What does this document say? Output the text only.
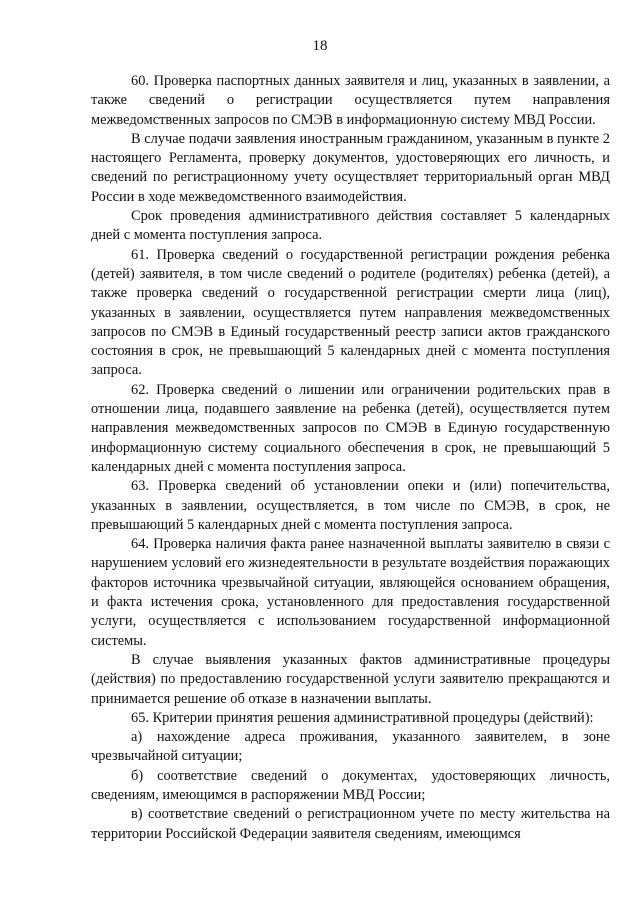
18

60. Проверка паспортных данных заявителя и лиц, указанных в заявлении, а также сведений о регистрации осуществляется путем направления межведомственных запросов по СМЭВ в информационную систему МВД России.

В случае подачи заявления иностранным гражданином, указанным в пункте 2 настоящего Регламента, проверку документов, удостоверяющих его личность, и сведений по регистрационному учету осуществляет территориальный орган МВД России в ходе межведомственного взаимодействия.

Срок проведения административного действия составляет 5 календарных дней с момента поступления запроса.

61. Проверка сведений о государственной регистрации рождения ребенка (детей) заявителя, в том числе сведений о родителе (родителях) ребенка (детей), а также проверка сведений о государственной регистрации смерти лица (лиц), указанных в заявлении, осуществляется путем направления межведомственных запросов по СМЭВ в Единый государственный реестр записи актов гражданского состояния в срок, не превышающий 5 календарных дней с момента поступления запроса.

62. Проверка сведений о лишении или ограничении родительских прав в отношении лица, подавшего заявление на ребенка (детей), осуществляется путем направления межведомственных запросов по СМЭВ в Единую государственную информационную систему социального обеспечения в срок, не превышающий 5 календарных дней с момента поступления запроса.

63. Проверка сведений об установлении опеки и (или) попечительства, указанных в заявлении, осуществляется, в том числе по СМЭВ, в срок, не превышающий 5 календарных дней с момента поступления запроса.

64. Проверка наличия факта ранее назначенной выплаты заявителю в связи с нарушением условий его жизнедеятельности в результате воздействия поражающих факторов источника чрезвычайной ситуации, являющейся основанием обращения, и факта истечения срока, установленного для предоставления государственной услуги, осуществляется с использованием государственной информационной системы.

В случае выявления указанных фактов административные процедуры (действия) по предоставлению государственной услуги заявителю прекращаются и принимается решение об отказе в назначении выплаты.

65. Критерии принятия решения административной процедуры (действий):

а) нахождение адреса проживания, указанного заявителем, в зоне чрезвычайной ситуации;

б) соответствие сведений о документах, удостоверяющих личность, сведениям, имеющимся в распоряжении МВД России;

в) соответствие сведений о регистрационном учете по месту жительства на территории Российской Федерации заявителя сведениям, имеющимся
